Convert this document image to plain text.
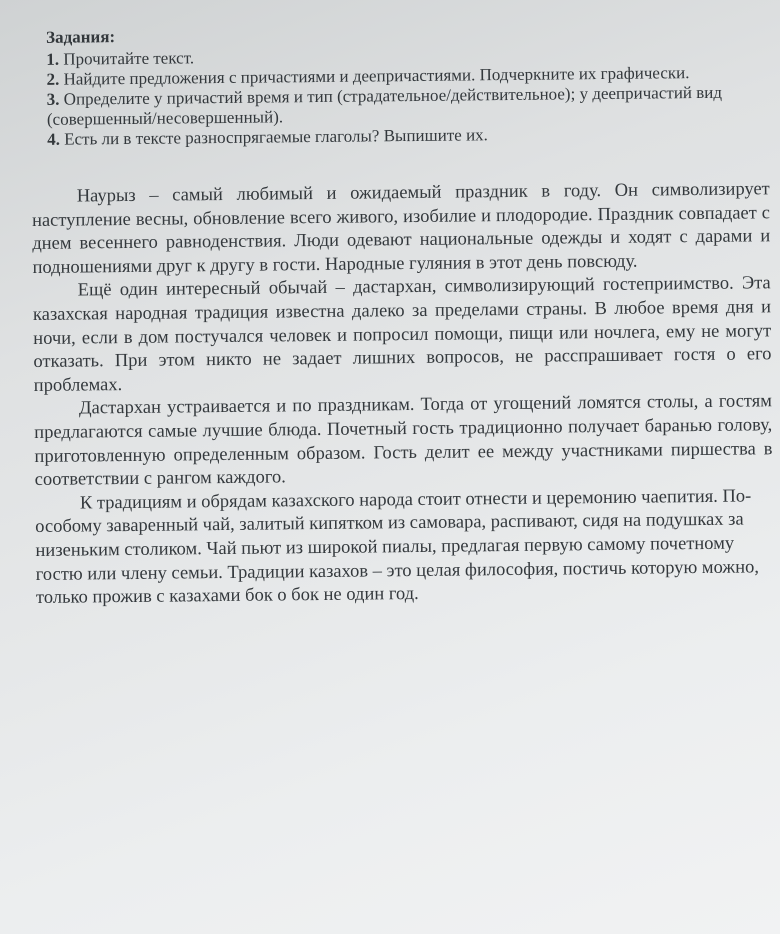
Задания:

1. Прочитайте текст.

2. Найдите предложения с причастиями и деепричастиями. Подчеркните их графически.

3. Определите у причастий время и тип (страдательное/действительное); у деепричастий вид (совершенный/несовершенный).

4. Есть ли в тексте разноспрягаемые глаголы? Выпишите их.

Наурыз – самый любимый и ожидаемый праздник в году. Он символизирует наступление весны, обновление всего живого, изобилие и плодородие. Праздник совпадает с днем весеннего равноденствия. Люди одевают национальные одежды и ходят с дарами и подношениями друг к другу в гости. Народные гуляния в этот день повсюду.

Ещё один интересный обычай – дастархан, символизирующий гостеприимство. Эта казахская народная традиция известна далеко за пределами страны. В любое время дня и ночи, если в дом постучался человек и попросил помощи, пищи или ночлега, ему не могут отказать. При этом никто не задает лишних вопросов, не расспрашивает гостя о его проблемах.

Дастархан устраивается и по праздникам. Тогда от угощений ломятся столы, а гостям предлагаются самые лучшие блюда. Почетный гость традиционно получает баранью голову, приготовленную определенным образом. Гость делит ее между участниками пиршества в соответствии с рангом каждого.

К традициям и обрядам казахского народа стоит отнести и церемонию чаепития. По-особому заваренный чай, залитый кипятком из самовара, распивают, сидя на подушках за низеньким столиком. Чай пьют из широкой пиалы, предлагая первую самому почетному гостю или члену семьи. Традиции казахов – это целая философия, постичь которую можно, только прожив с казахами бок о бок не один год.
